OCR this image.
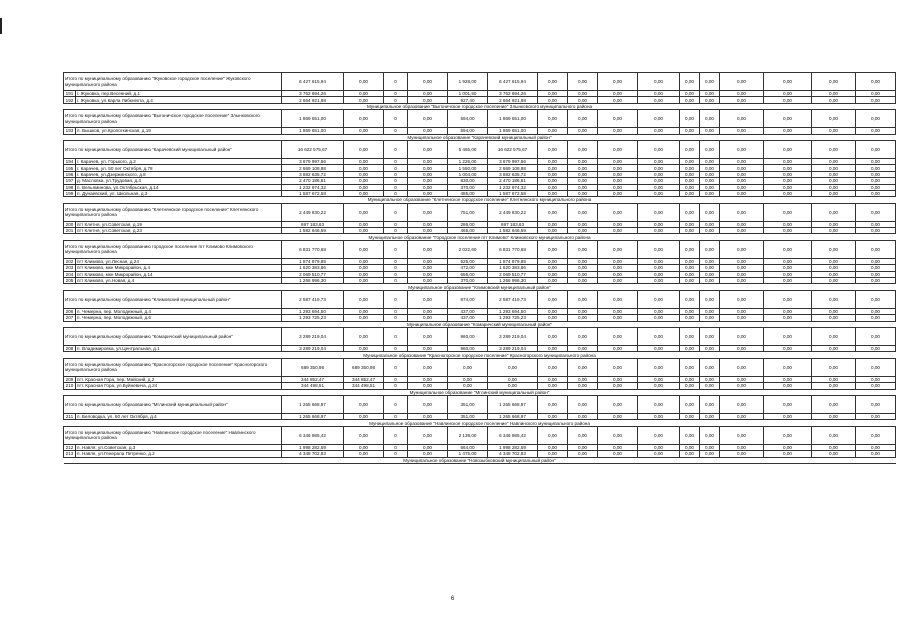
Итого по муниципальному образованию "Жуковское городское поселение" Жуковского муниципального района		6 427 615,94	0,00	0	0,00	1 928,00	6 427 615,94	0,00	0,00	0,00	0,00	0,00	0,00	0,00	0,00	0,00	0,00
191	г. Жуковка, пер.Весенний, д.1	3 762 694,26	0,00	0	0,00	1 001,50	3 762 694,26	0,00	0,00	0,00	0,00	0,00	0,00	0,00	0,00	0,00	0,00
192	г. Жуковка, ул.Карла Либкнехта, д.4	2 664 921,68	0,00	0	0,00	927,40	2 664 921,68	0,00	0,00	0,00	0,00	0,00	0,00	0,00	0,00	0,00	0,00
Муниципальное образование "Выгоничское городское поселение" Злынковского муниципального района																	
Итого по муниципальному образованию "Выгоничское городское поселение" Злынковского муниципального района		1 869 651,00	0,00	0	0,00	594,00	1 869 651,00	0,00	0,00	0,00	0,00	0,00	0,00	0,00	0,00	0,00	0,00
193	п. Вышков, ул.Кропоткинская, д.19	1 869 651,00	0,00	0	0,00	594,00	1 869 651,00	0,00	0,00	0,00	0,00	0,00	0,00	0,00	0,00	0,00	0,00
Муниципальное образование "Карачевский муниципальный район"																	
Итого по муниципальному образованию "Карачевский муниципальный район"		16 622 575,67	0,00	0	0,00	5 465,00	16 622 575,67	0,00	0,00	0,00	0,00	0,00	0,00	0,00	0,00	0,00	0,00
194	г. Карачев, ул. Горького, д.2	3 679 997,56	0,00	0	0,00	1 226,00	3 679 997,56	0,00	0,00	0,00	0,00	0,00	0,00	0,00	0,00	0,00	0,00
195	г. Карачев, ул. 50 лет Октября, д.78	2 669 108,88	0,00	0	0,00	1 550,00	2 669 108,88	0,00	0,00	0,00	0,00	0,00	0,00	0,00	0,00	0,00	0,00
196	г. Карачев, ул.Дзержинского, д.8	3 882 635,72	0,00	0	0,00	1 004,00	3 882 635,72	0,00	0,00	0,00	0,00	0,00	0,00	0,00	0,00	0,00	0,00
197	д. Масловка, ул.Трудовая, д.4	2 470 186,61	0,00	0	0,00	830,00	2 470 186,61	0,00	0,00	0,00	0,00	0,00	0,00	0,00	0,00	0,00	0,00
198	п. Вельяминова, ул.Октябрьская, д.14	1 232 974,32	0,00	0	0,00	370,00	1 232 974,32	0,00	0,00	0,00	0,00	0,00	0,00	0,00	0,00	0,00	0,00
199	п. Дунаевский, ул. Школьная, д.3	1 587 672,58	0,00	0	0,00	485,00	1 587 672,58	0,00	0,00	0,00	0,00	0,00	0,00	0,00	0,00	0,00	0,00
Муниципальное образование "Клетнянское городское поселение" Клетнянского муниципального района																	
Итого по муниципальному образованию "Клетнянское городское поселение" Клетнянского муниципального района		2 449 830,22	0,00	0	0,00	751,00	2 449 830,22	0,00	0,00	0,00	0,00	0,00	0,00	0,00	0,00	0,00	0,00
200	пгт Клетня, ул.Советская, д.19	867 183,63	0,00	0	0,00	286,00	867 183,63	0,00	0,00	0,00	0,00	0,00	0,00	0,00	0,00	0,00	0,00
201	пгт Клетня, ул.Советская, д.23	1 582 646,59	0,00	0	0,00	465,00	1 582 646,59	0,00	0,00	0,00	0,00	0,00	0,00	0,00	0,00	0,00	0,00
Муниципальное образование "Городское поселение пгт Климово" Климовского муниципального района																	
Итого по муниципальному образованию городское поселение пгт Климово Климовского муниципального района		6 831 770,68	0,00	0	0,00	2 022,60	6 831 770,68	0,00	0,00	0,00	0,00	0,00	0,00	0,00	0,00	0,00	0,00
202	пгт Климово, ул.Лесная, д.24	1 874 879,85	0,00	0	0,00	525,00	1 874 879,85	0,00	0,00	0,00	0,00	0,00	0,00	0,00	0,00	0,00	0,00
203	пгт Климово, мкн Микрорайон, д.4	1 620 383,66	0,00	0	0,00	472,00	1 620 383,66	0,00	0,00	0,00	0,00	0,00	0,00	0,00	0,00	0,00	0,00
204	пгт Климово, мкн Микрорайон, д.14	2 069 510,77	0,00	0	0,00	655,00	2 069 510,77	0,00	0,00	0,00	0,00	0,00	0,00	0,00	0,00	0,00	0,00
205	пгт Климово, ул.Новая, д.4	1 266 996,30	0,00	0	0,00	370,00	1 266 996,30	0,00	0,00	0,00	0,00	0,00	0,00	0,00	0,00	0,00	0,00
Муниципальное образование "Климовский муниципальный район"																	
Итого по муниципальному образованию "Климовский муниципальный район"		2 587 419,73	0,00	0	0,00	874,00	2 587 419,73	0,00	0,00	0,00	0,00	0,00	0,00	0,00	0,00	0,00	0,00
206	п. Чемерна, пер. Молодежный, д.4	1 293 694,50	0,00	0	0,00	437,00	1 293 694,50	0,00	0,00	0,00	0,00	0,00	0,00	0,00	0,00	0,00	0,00
207	п. Чемерна, пер. Молодежный, д.6	1 293 725,23	0,00	0	0,00	437,00	1 293 725,23	0,00	0,00	0,00	0,00	0,00	0,00	0,00	0,00	0,00	0,00
Муниципальное образование "Комаричский муниципальный район"																	
Итого по муниципальному образованию "Комаричский муниципальный район"		3 289 219,04	0,00	0	0,00	960,00	3 289 219,04	0,00	0,00	0,00	0,00	0,00	0,00	0,00	0,00	0,00	0,00
208	п. Владимировка, ул.Центральная, д.1	3 289 219,04	0,00	0	0,00	960,00	3 289 219,04	0,00	0,00	0,00	0,00	0,00	0,00	0,00	0,00	0,00	0,00
Муниципальное образование "Красногорское городское поселение" Красногорского муниципального района																	
Итого по муниципальному образованию "Красногорское городское поселение" Красногорского муниципального района		689 350,98	689 350,98	0	0,00	0,00	0,00	0,00	0,00	0,00	0,00	0,00	0,00	0,00	0,00	0,00	0,00
209	пгт. Красная Гора, пер. Майский, д.2	344 852,47	344 852,47	0	0,00	0,00	0,00	0,00	0,00	0,00	0,00	0,00	0,00	0,00	0,00	0,00	0,00
210	пгт. Красная Гора, ул.Буйневича, д.24	344 498,51	344 498,51	0	0,00	0,00	0,00	0,00	0,00	0,00	0,00	0,00	0,00	0,00	0,00	0,00	0,00
Муниципальное образование "Мглинский муниципальный район"																	
Итого по муниципальному образованию "Мглинский муниципальный район"		1 265 668,97	0,00	0	0,00	351,00	1 265 668,97	0,00	0,00	0,00	0,00	0,00	0,00	0,00	0,00	0,00	0,00
211	п. Беловодка, ул. 60 лет Октября, д.4	1 265 668,97	0,00	0	0,00	351,00	1 265 668,97	0,00	0,00	0,00	0,00	0,00	0,00	0,00	0,00	0,00	0,00
Муниципальное образование "Навлинское городское поселение" Навлинского муниципального района																	
Итого по муниципальному образованию "Навлинское городское поселение" Навлинского муниципального района		6 346 985,42	0,00	0	0,00	2 139,00	6 346 985,42	0,00	0,00	0,00	0,00	0,00	0,00	0,00	0,00	0,00	0,00
212	п. Навля, ул.Советская, д.3	1 998 282,59	0,00	0	0,00	664,00	1 998 282,59	0,00	0,00	0,00	0,00	0,00	0,00	0,00	0,00	0,00	0,00
213	п. Навля, ул.Генерала Петренко, д.2	4 348 702,83	0,00	0	0,00	1 475,00	4 348 702,83	0,00	0,00	0,00	0,00	0,00	0,00	0,00	0,00	0,00	0,00
Муниципальное образование "Новозыбковский муниципальный район"																	
6
